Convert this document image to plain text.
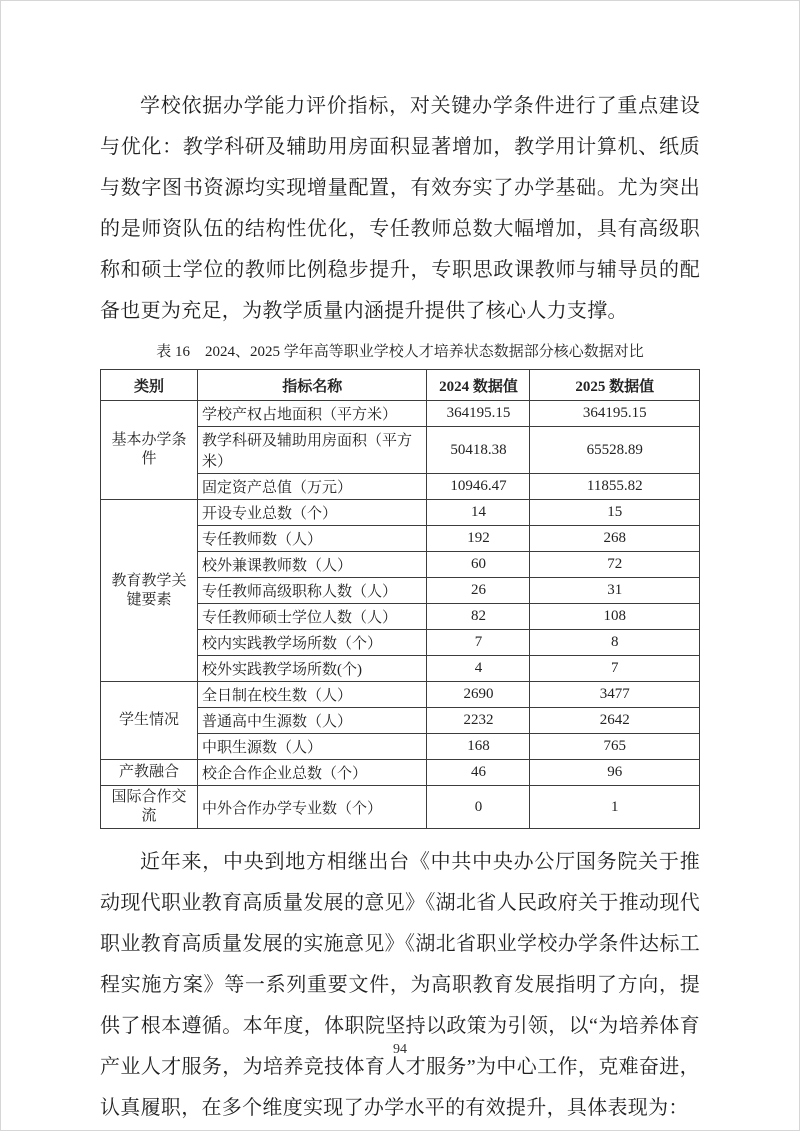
学校依据办学能力评价指标，对关键办学条件进行了重点建设与优化：教学科研及辅助用房面积显著增加，教学用计算机、纸质与数字图书资源均实现增量配置，有效夯实了办学基础。尤为突出的是师资队伍的结构性优化，专任教师总数大幅增加，具有高级职称和硕士学位的教师比例稳步提升，专职思政课教师与辅导员的配备也更为充足，为教学质量内涵提升提供了核心人力支撑。

表 16　2024、2025 学年高等职业学校人才培养状态数据部分核心数据对比
类别	指标名称	2024 数据值	2025 数据值
基本办学条件	学校产权占地面积（平方米）	364195.15	364195.15
	教学科研及辅助用房面积（平方米）	50418.38	65528.89
	固定资产总值（万元）	10946.47	11855.82
教育教学关键要素	开设专业总数（个）	14	15
	专任教师数（人）	192	268
	校外兼课教师数（人）	60	72
	专任教师高级职称人数（人）	26	31
	专任教师硕士学位人数（人）	82	108
	校内实践教学场所数（个）	7	8
	校外实践教学场所数(个)	4	7
学生情况	全日制在校生数（人）	2690	3477
	普通高中生源数（人）	2232	2642
	中职生源数（人）	168	765
产教融合	校企合作企业总数（个）	46	96
国际合作交流	中外合作办学专业数（个）	0	1

近年来，中央到地方相继出台《中共中央办公厅国务院关于推动现代职业教育高质量发展的意见》《湖北省人民政府关于推动现代职业教育高质量发展的实施意见》《湖北省职业学校办学条件达标工程实施方案》等一系列重要文件，为高职教育发展指明了方向，提供了根本遵循。本年度，体职院坚持以政策为引领，以“为培养体育产业人才服务，为培养竞技体育人才服务”为中心工作，克难奋进，认真履职，在多个维度实现了办学水平的有效提升，具体表现为：

94
